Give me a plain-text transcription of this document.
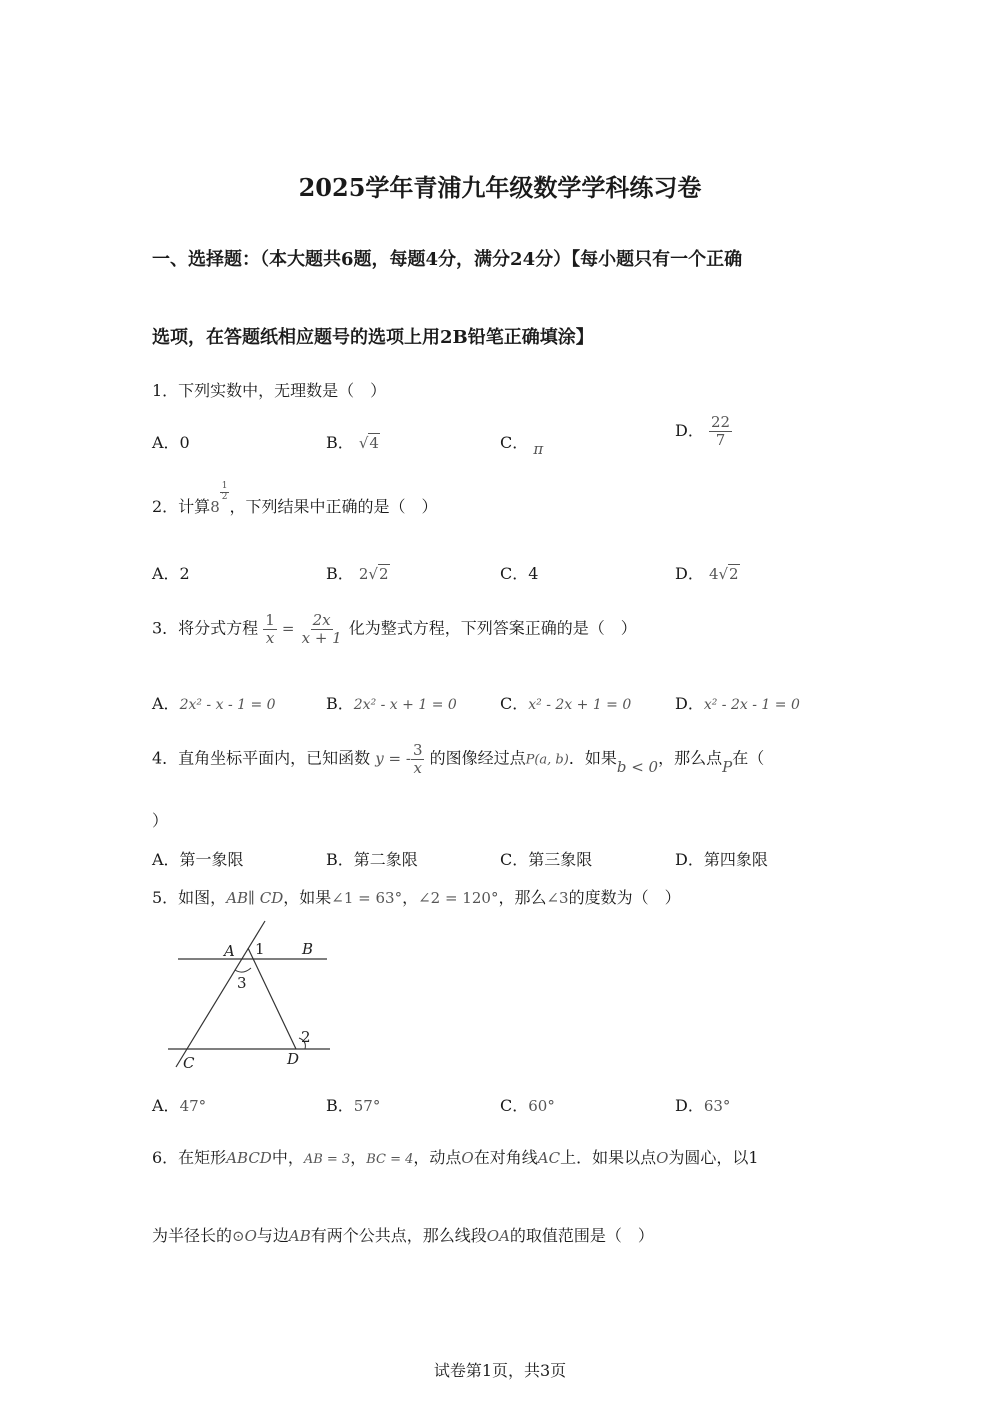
2025学年青浦九年级数学学科练习卷
一、选择题：（本大题共6题，每题4分，满分24分）【每小题只有一个正确
选项，在答题纸相应题号的选项上用2B铅笔正确填涂】
1．下列实数中，无理数是（　）
A．0	B． √4	C． π
D． $\frac{22}{7}$
2．计算8
$\frac{1}{2}$
，下列结果中正确的是（　）
A．2	B． 2√2	C．4	D． 4√2
3．将分式方程 $\frac{1}{x} = \frac{2x}{x + 1}$ 化为整式方程，下列答案正确的是（　）
A．2x² - x - 1 = 0	B．2x² - x + 1 = 0	C．x² - 2x + 1 = 0	D．x² - 2x - 1 = 0
4．直角坐标平面内，已知函数 y = - $\frac{3}{x}$ 的图像经过点P(a, b)．如果b < 0，那么点P在（
）
A．第一象限	B．第二象限	C．第三象限	D．第四象限
5．如图，AB∥ CD，如果∠1 = 63°，∠2 = 120°，那么∠3的度数为（　）
A 1 B
3
2
C	D
A．47°	B．57°	C．60°	D．63°
6．在矩形ABCD中，AB = 3，BC = 4，动点O在对角线AC上．如果以点O为圆心，以1
为半径长的⊙O与边AB有两个公共点，那么线段OA的取值范围是（　）
试卷第1页，共3页
